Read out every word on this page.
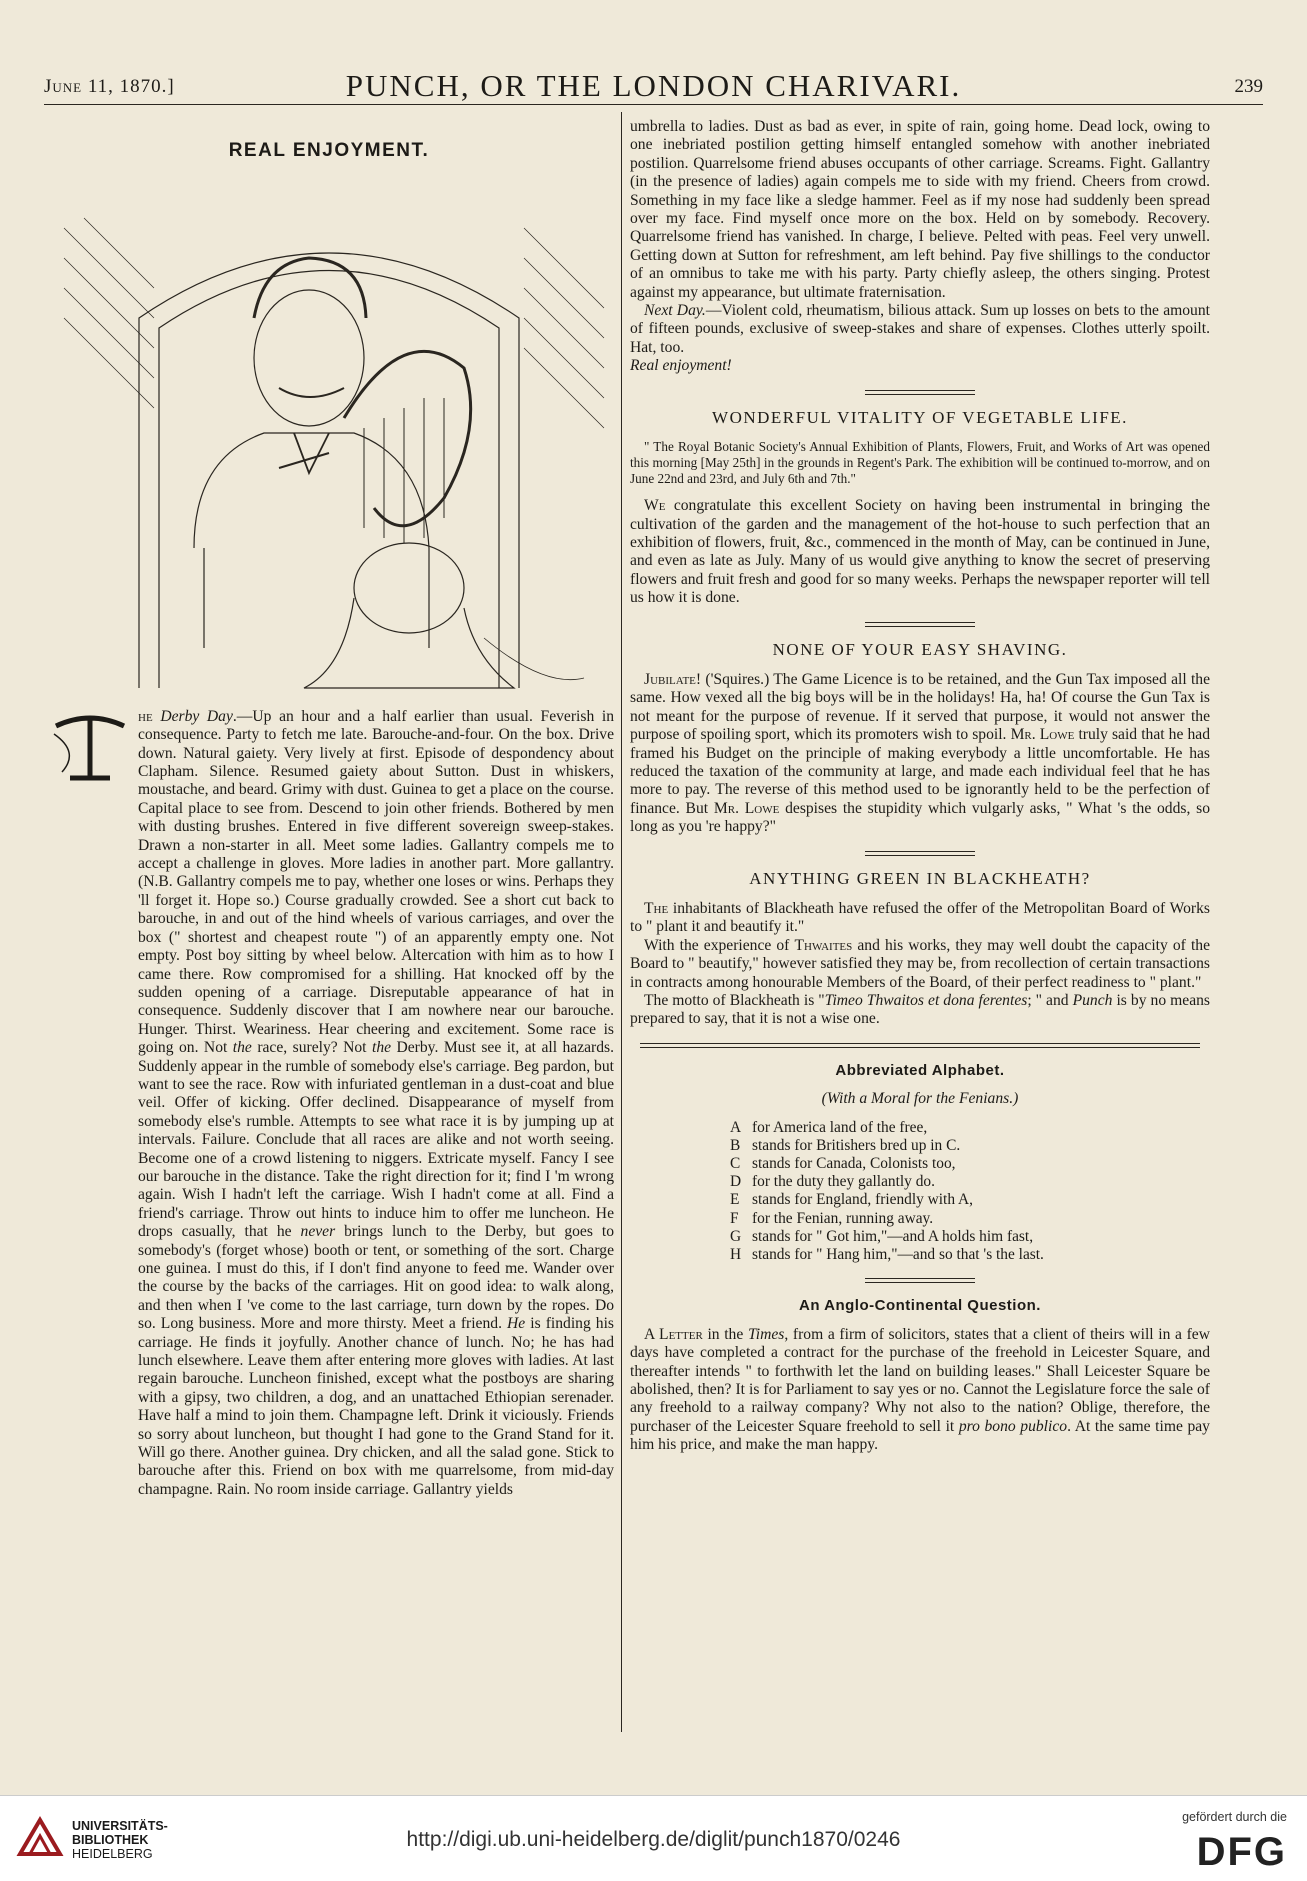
June 11, 1870.]	PUNCH, OR THE LONDON CHARIVARI.	239
REAL ENJOYMENT.
T	he Derby Day.—Up an hour and a half earlier than usual. Feverish in consequence. Party to fetch me late. Barouche-and-four. On the box. Drive down. Natural gaiety. Very lively at first. Episode of despondency about Clapham. Silence. Resumed gaiety about Sutton. Dust in whiskers, moustache, and beard. Grimy with dust. Guinea to get a place on the course. Capital place to see from. Descend to join other friends. Bothered by men with dusting brushes. Entered in five different sovereign sweep-stakes. Drawn a non-starter in all. Meet some ladies. Gallantry compels me to accept a challenge in gloves. More ladies in another part. More gallantry. (N.B. Gallantry compels me to pay, whether one loses or wins. Perhaps they 'll forget it. Hope so.) Course gradually crowded. See a short cut back to barouche, in and out of the hind wheels of various carriages, and over the box (" shortest and cheapest route ") of an apparently empty one. Not empty. Post boy sitting by wheel below. Altercation with him as to how I came there. Row compromised for a shilling. Hat knocked off by the sudden opening of a carriage. Disreputable appearance of hat in consequence. Suddenly discover that I am nowhere near our barouche. Hunger. Thirst. Weariness. Hear cheering and excitement. Some race is going on. Not the race, surely? Not the Derby. Must see it, at all hazards. Suddenly appear in the rumble of somebody else's carriage. Beg pardon, but want to see the race. Row with infuriated gentleman in a dust-coat and blue veil. Offer of kicking. Offer declined. Disappearance of myself from somebody else's rumble. Attempts to see what race it is by jumping up at intervals. Failure. Conclude that all races are alike and not worth seeing. Become one of a crowd listening to niggers. Extricate myself. Fancy I see our barouche in the distance. Take the right direction for it; find I 'm wrong again. Wish I hadn't left the carriage. Wish I hadn't come at all. Find a friend's carriage. Throw out hints to induce him to offer me luncheon. He drops casually, that he never brings lunch to the Derby, but goes to somebody's (forget whose) booth or tent, or something of the sort. Charge one guinea. I must do this, if I don't find anyone to feed me. Wander over the course by the backs of the carriages. Hit on good idea: to walk along, and then when I 've come to the last carriage, turn down by the ropes. Do so. Long business. More and more thirsty. Meet a friend. He is finding his carriage. He finds it joyfully. Another chance of lunch. No; he has had lunch elsewhere. Leave them after entering more gloves with ladies. At last regain barouche. Luncheon finished, except what the postboys are sharing with a gipsy, two children, a dog, and an unattached Ethiopian serenader. Have half a mind to join them. Champagne left. Drink it viciously. Friends so sorry about luncheon, but thought I had gone to the Grand Stand for it. Will go there. Another guinea. Dry chicken, and all the salad gone. Stick to barouche after this. Friend on box with me quarrelsome, from mid-day champagne. Rain. No room inside carriage. Gallantry yields

umbrella to ladies. Dust as bad as ever, in spite of rain, going home. Dead lock, owing to one inebriated postilion getting himself entangled somehow with another inebriated postilion. Quarrelsome friend abuses occupants of other carriage. Screams. Fight. Gallantry (in the presence of ladies) again compels me to side with my friend. Cheers from crowd. Something in my face like a sledge hammer. Feel as if my nose had suddenly been spread over my face. Find myself once more on the box. Held on by somebody. Recovery. Quarrelsome friend has vanished. In charge, I believe. Pelted with peas. Feel very unwell. Getting down at Sutton for refreshment, am left behind. Pay five shillings to the conductor of an omnibus to take me with his party. Party chiefly asleep, the others singing. Protest against my appearance, but ultimate fraternisation.

Next Day.—Violent cold, rheumatism, bilious attack. Sum up losses on bets to the amount of fifteen pounds, exclusive of sweep-stakes and share of expenses. Clothes utterly spoilt. Hat, too.

Real enjoyment!

WONDERFUL VITALITY OF VEGETABLE LIFE.

" The Royal Botanic Society's Annual Exhibition of Plants, Flowers, Fruit, and Works of Art was opened this morning [May 25th] in the grounds in Regent's Park. The exhibition will be continued to-morrow, and on June 22nd and 23rd, and July 6th and 7th."

We congratulate this excellent Society on having been instrumental in bringing the cultivation of the garden and the management of the hot-house to such perfection that an exhibition of flowers, fruit, &c., commenced in the month of May, can be continued in June, and even as late as July. Many of us would give anything to know the secret of preserving flowers and fruit fresh and good for so many weeks. Perhaps the newspaper reporter will tell us how it is done.

NONE OF YOUR EASY SHAVING.

Jubilate! ('Squires.) The Game Licence is to be retained, and the Gun Tax imposed all the same. How vexed all the big boys will be in the holidays! Ha, ha! Of course the Gun Tax is not meant for the purpose of revenue. If it served that purpose, it would not answer the purpose of spoiling sport, which its promoters wish to spoil. Mr. Lowe truly said that he had framed his Budget on the principle of making everybody a little uncomfortable. He has reduced the taxation of the community at large, and made each individual feel that he has more to pay. The reverse of this method used to be ignorantly held to be the perfection of finance. But Mr. Lowe despises the stupidity which vulgarly asks, " What 's the odds, so long as you 're happy?"

ANYTHING GREEN IN BLACKHEATH?

The inhabitants of Blackheath have refused the offer of the Metropolitan Board of Works to " plant it and beautify it."

With the experience of Thwaites and his works, they may well doubt the capacity of the Board to " beautify," however satisfied they may be, from recollection of certain transactions in contracts among honourable Members of the Board, of their perfect readiness to " plant."

The motto of Blackheath is "Timeo Thwaitos et dona ferentes; " and Punch is by no means prepared to say, that it is not a wise one.

Abbreviated Alphabet.

(With a Moral for the Fenians.)

A for America land of the free,
B stands for Britishers bred up in C.
C stands for Canada, Colonists too,
D for the duty they gallantly do.
E stands for England, friendly with A,
F for the Fenian, running away.
G stands for " Got him,"—and A holds him fast,
H stands for " Hang him,"—and so that 's the last.
An Anglo-Continental Question.

A Letter in the Times, from a firm of solicitors, states that a client of theirs will in a few days have completed a contract for the purchase of the freehold in Leicester Square, and thereafter intends " to forthwith let the land on building leases." Shall Leicester Square be abolished, then? It is for Parliament to say yes or no. Cannot the Legislature force the sale of any freehold to a railway company? Why not also to the nation? Oblige, therefore, the purchaser of the Leicester Square freehold to sell it pro bono publico. At the same time pay him his price, and make the man happy.

UNIVERSITÄTS-
BIBLIOTHEK
HEIDELBERG
http://digi.ub.uni-heidelberg.de/diglit/punch1870/0246
gefördert durch die
DFG
